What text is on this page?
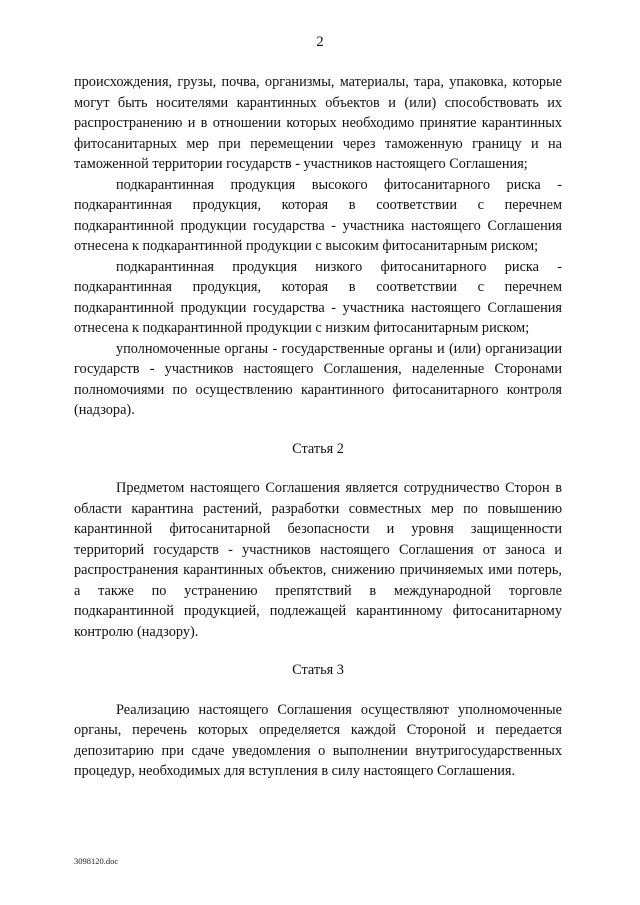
2

происхождения, грузы, почва, организмы, материалы, тара, упаковка, которые могут быть носителями карантинных объектов и (или) способствовать их распространению и в отношении которых необходимо принятие карантинных фитосанитарных мер при перемещении через таможенную границу и на таможенной территории государств - участников настоящего Соглашения;

подкарантинная продукция высокого фитосанитарного риска - подкарантинная продукция, которая в соответствии с перечнем подкарантинной продукции государства - участника настоящего Соглашения отнесена к подкарантинной продукции с высоким фитосанитарным риском;

подкарантинная продукция низкого фитосанитарного риска - подкарантинная продукция, которая в соответствии с перечнем подкарантинной продукции государства - участника настоящего Соглашения отнесена к подкарантинной продукции с низким фитосанитарным риском;

уполномоченные органы - государственные органы и (или) организации государств - участников настоящего Соглашения, наделенные Сторонами полномочиями по осуществлению карантинного фитосанитарного контроля (надзора).

Статья 2

Предметом настоящего Соглашения является сотрудничество Сторон в области карантина растений, разработки совместных мер по повышению карантинной фитосанитарной безопасности и уровня защищенности территорий государств - участников настоящего Соглашения от заноса и распространения карантинных объектов, снижению причиняемых ими потерь, а также по устранению препятствий в международной торговле подкарантинной продукцией, подлежащей карантинному фитосанитарному контролю (надзору).

Статья 3

Реализацию настоящего Соглашения осуществляют уполномоченные органы, перечень которых определяется каждой Стороной и передается депозитарию при сдаче уведомления о выполнении внутригосударственных процедур, необходимых для вступления в силу настоящего Соглашения.

3098120.doc
